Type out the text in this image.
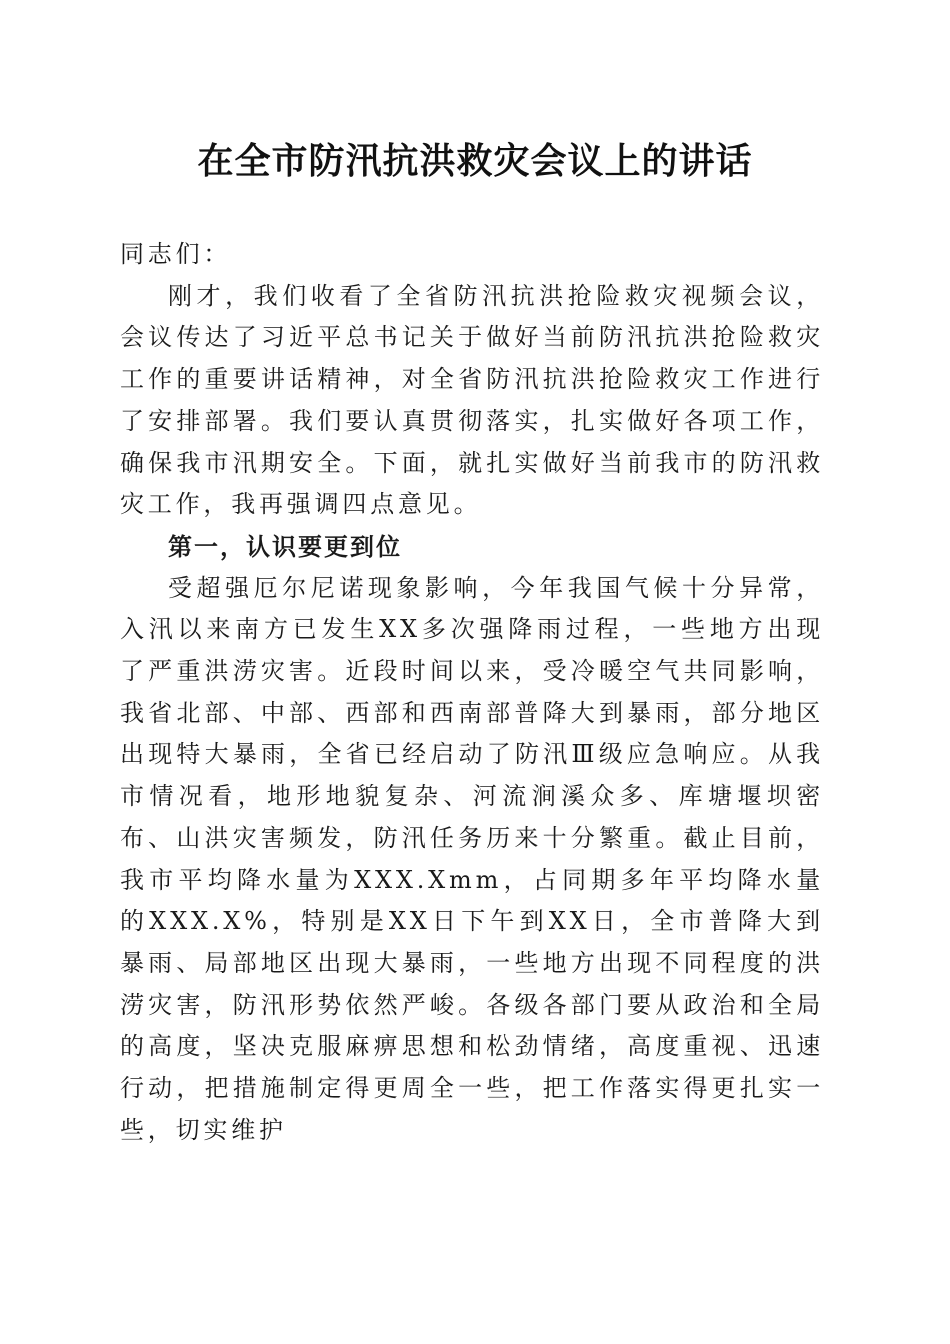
在全市防汛抗洪救灾会议上的讲话

同志们：

刚才，我们收看了全省防汛抗洪抢险救灾视频会议，会议传达了习近平总书记关于做好当前防汛抗洪抢险救灾工作的重要讲话精神，对全省防汛抗洪抢险救灾工作进行了安排部署。我们要认真贯彻落实，扎实做好各项工作，确保我市汛期安全。下面，就扎实做好当前我市的防汛救灾工作，我再强调四点意见。

第一，认识要更到位

受超强厄尔尼诺现象影响，今年我国气候十分异常，入汛以来南方已发生XX多次强降雨过程，一些地方出现了严重洪涝灾害。近段时间以来，受冷暖空气共同影响，我省北部、中部、西部和西南部普降大到暴雨，部分地区出现特大暴雨，全省已经启动了防汛Ⅲ级应急响应。从我市情况看，地形地貌复杂、河流涧溪众多、库塘堰坝密布、山洪灾害频发，防汛任务历来十分繁重。截止目前，我市平均降水量为XXX.Xmm，占同期多年平均降水量的XXX.X%，特别是XX日下午到XX日，全市普降大到暴雨、局部地区出现大暴雨，一些地方出现不同程度的洪涝灾害，防汛形势依然严峻。各级各部门要从政治和全局的高度，坚决克服麻痹思想和松劲情绪，高度重视、迅速行动，把措施制定得更周全一些，把工作落实得更扎实一些，切实维护
